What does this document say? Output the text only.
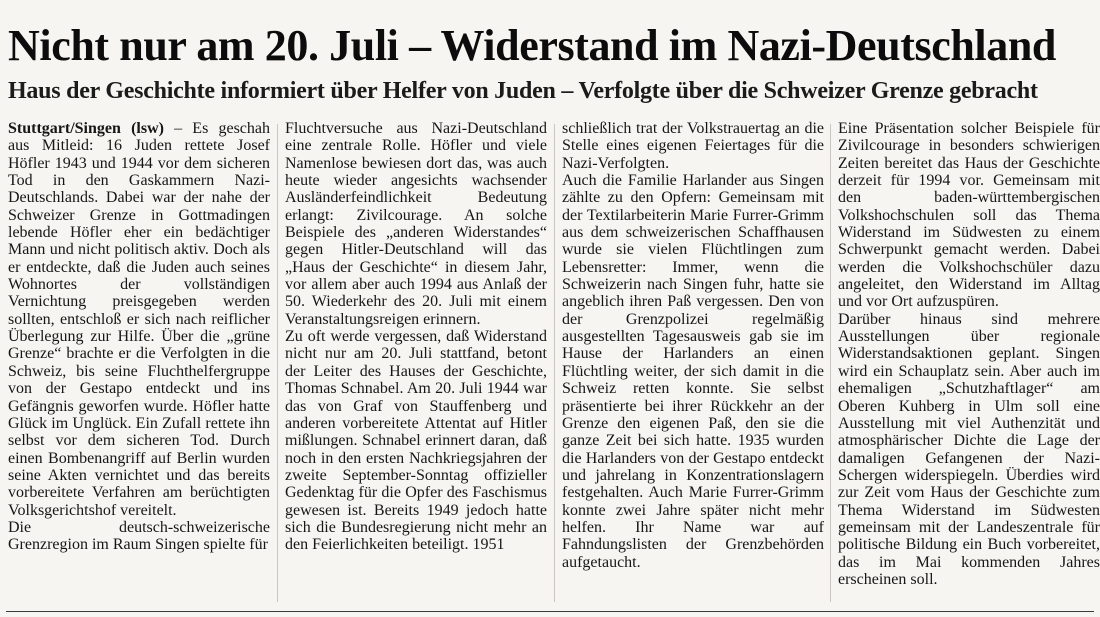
Nicht nur am 20. Juli – Widerstand im Nazi-Deutschland
Haus der Geschichte informiert über Helfer von Juden – Verfolgte über die Schweizer Grenze gebracht

Stuttgart/Singen (lsw) – Es geschah aus Mitleid: 16 Juden rettete Josef Höfler 1943 und 1944 vor dem sicheren Tod in den Gaskammern Nazi-Deutschlands. Dabei war der nahe der Schweizer Grenze in Gottmadingen lebende Höfler eher ein bedächtiger Mann und nicht politisch aktiv. Doch als er entdeckte, daß die Juden auch seines Wohnortes der vollständigen Vernichtung preisgegeben werden sollten, entschloß er sich nach reiflicher Überlegung zur Hilfe. Über die „grüne Grenze“ brachte er die Verfolgten in die Schweiz, bis seine Fluchthelfergruppe von der Gestapo entdeckt und ins Gefängnis geworfen wurde. Höfler hatte Glück im Unglück. Ein Zufall rettete ihn selbst vor dem sicheren Tod. Durch einen Bombenangriff auf Berlin wurden seine Akten vernichtet und das bereits vorbereitete Verfahren am berüchtigten Volksgerichtshof vereitelt.

Die deutsch-schweizerische Grenzregion im Raum Singen spielte für

Fluchtversuche aus Nazi-Deutschland eine zentrale Rolle. Höfler und viele Namenlose bewiesen dort das, was auch heute wieder angesichts wachsender Ausländerfeindlichkeit Bedeutung erlangt: Zivilcourage. An solche Beispiele des „anderen Widerstandes“ gegen Hitler-Deutschland will das „Haus der Geschichte“ in diesem Jahr, vor allem aber auch 1994 aus Anlaß der 50. Wiederkehr des 20. Juli mit einem Veranstaltungsreigen erinnern.

Zu oft werde vergessen, daß Widerstand nicht nur am 20. Juli stattfand, betont der Leiter des Hauses der Geschichte, Thomas Schnabel. Am 20. Juli 1944 war das von Graf von Stauffenberg und anderen vorbereitete Attentat auf Hitler mißlungen. Schnabel erinnert daran, daß noch in den ersten Nachkriegsjahren der zweite September-Sonntag offizieller Gedenktag für die Opfer des Faschismus gewesen ist. Bereits 1949 jedoch hatte sich die Bundesregierung nicht mehr an den Feierlichkeiten beteiligt. 1951

schließlich trat der Volkstrauertag an die Stelle eines eigenen Feiertages für die Nazi-Verfolgten.

Auch die Familie Harlander aus Singen zählte zu den Opfern: Gemeinsam mit der Textilarbeiterin Marie Furrer-Grimm aus dem schweizerischen Schaffhausen wurde sie vielen Flüchtlingen zum Lebensretter: Immer, wenn die Schweizerin nach Singen fuhr, hatte sie angeblich ihren Paß vergessen. Den von der Grenzpolizei regelmäßig ausgestellten Tagesausweis gab sie im Hause der Harlanders an einen Flüchtling weiter, der sich damit in die Schweiz retten konnte. Sie selbst präsentierte bei ihrer Rückkehr an der Grenze den eigenen Paß, den sie die ganze Zeit bei sich hatte. 1935 wurden die Harlanders von der Gestapo entdeckt und jahrelang in Konzentrationslagern festgehalten. Auch Marie Furrer-Grimm konnte zwei Jahre später nicht mehr helfen. Ihr Name war auf Fahndungslisten der Grenzbehörden aufgetaucht.

Eine Präsentation solcher Beispiele für Zivilcourage in besonders schwierigen Zeiten bereitet das Haus der Geschichte derzeit für 1994 vor. Gemeinsam mit den baden-württembergischen Volkshochschulen soll das Thema Widerstand im Südwesten zu einem Schwerpunkt gemacht werden. Dabei werden die Volkshochschüler dazu angeleitet, den Widerstand im Alltag und vor Ort aufzuspüren.

Darüber hinaus sind mehrere Ausstellungen über regionale Widerstandsaktionen geplant. Singen wird ein Schauplatz sein. Aber auch im ehemaligen „Schutzhaftlager“ am Oberen Kuhberg in Ulm soll eine Ausstellung mit viel Authenzität und atmosphärischer Dichte die Lage der damaligen Gefangenen der Nazi-Schergen widerspiegeln. Überdies wird zur Zeit vom Haus der Geschichte zum Thema Widerstand im Südwesten gemeinsam mit der Landeszentrale für politische Bildung ein Buch vorbereitet, das im Mai kommenden Jahres erscheinen soll.
